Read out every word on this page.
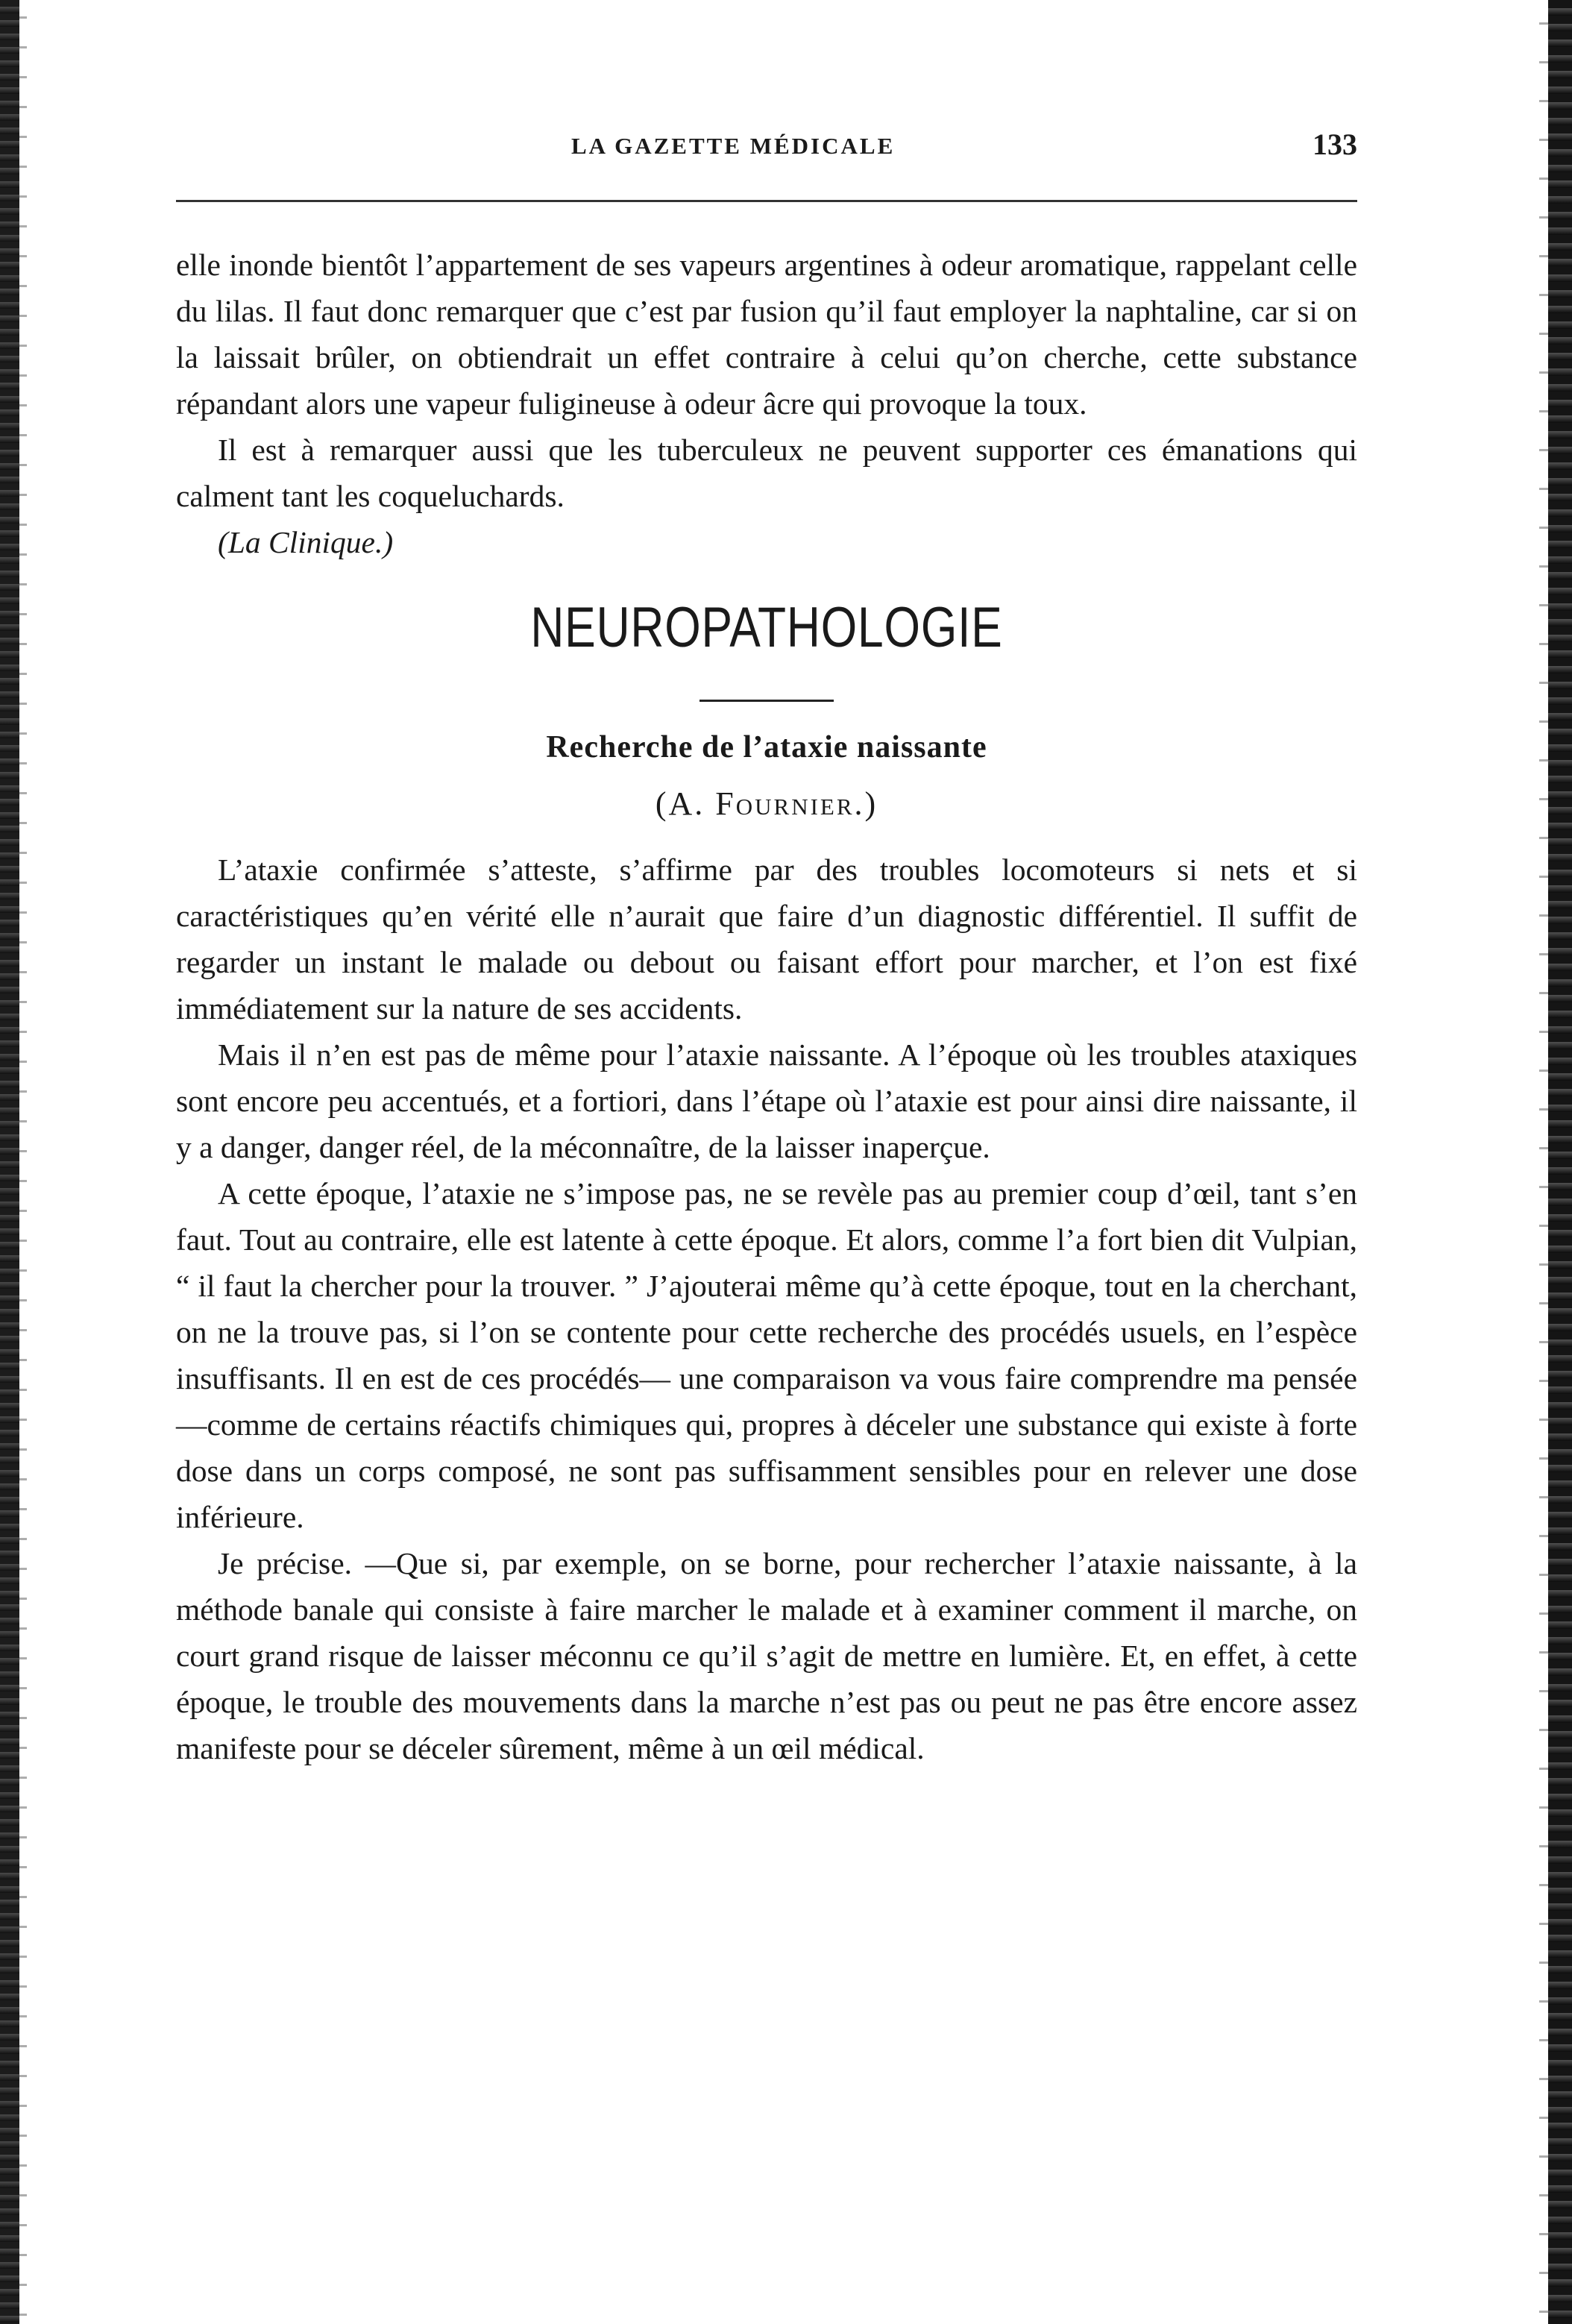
LA GAZETTE MÉDICALE	133

elle inonde bientôt l’appartement de ses vapeurs argentines à odeur aromatique, rappelant celle du lilas. Il faut donc remarquer que c’est par fusion qu’il faut employer la naphtaline, car si on la laissait brûler, on obtiendrait un effet contraire à celui qu’on cherche, cette substance répandant alors une vapeur fuligineuse à odeur âcre qui provoque la toux.

Il est à remarquer aussi que les tuberculeux ne peuvent supporter ces émanations qui calment tant les coqueluchards.

(La Clinique.)

NEUROPATHOLOGIE
Recherche de l’ataxie naissante
(A. Fournier.)

L’ataxie confirmée s’atteste, s’affirme par des troubles locomoteurs si nets et si caractéristiques qu’en vérité elle n’aurait que faire d’un diagnostic différentiel. Il suffit de regarder un instant le malade ou debout ou faisant effort pour marcher, et l’on est fixé immédiatement sur la nature de ses accidents.

Mais il n’en est pas de même pour l’ataxie naissante. A l’époque où les troubles ataxiques sont encore peu accentués, et a fortiori, dans l’étape où l’ataxie est pour ainsi dire naissante, il y a danger, danger réel, de la méconnaître, de la laisser inaperçue.

A cette époque, l’ataxie ne s’impose pas, ne se revèle pas au premier coup d’œil, tant s’en faut. Tout au contraire, elle est latente à cette époque. Et alors, comme l’a fort bien dit Vulpian, “ il faut la chercher pour la trouver. ” J’ajouterai même qu’à cette époque, tout en la cherchant, on ne la trouve pas, si l’on se contente pour cette recherche des procédés usuels, en l’espèce insuffisants. Il en est de ces procédés— une comparaison va vous faire comprendre ma pensée—comme de certains réactifs chimiques qui, propres à déceler une substance qui existe à forte dose dans un corps composé, ne sont pas suffisamment sensibles pour en relever une dose inférieure.

Je précise. —Que si, par exemple, on se borne, pour rechercher l’ataxie naissante, à la méthode banale qui consiste à faire marcher le malade et à examiner comment il marche, on court grand risque de laisser méconnu ce qu’il s’agit de mettre en lumière. Et, en effet, à cette époque, le trouble des mouvements dans la marche n’est pas ou peut ne pas être encore assez manifeste pour se déceler sûrement, même à un œil médical.
